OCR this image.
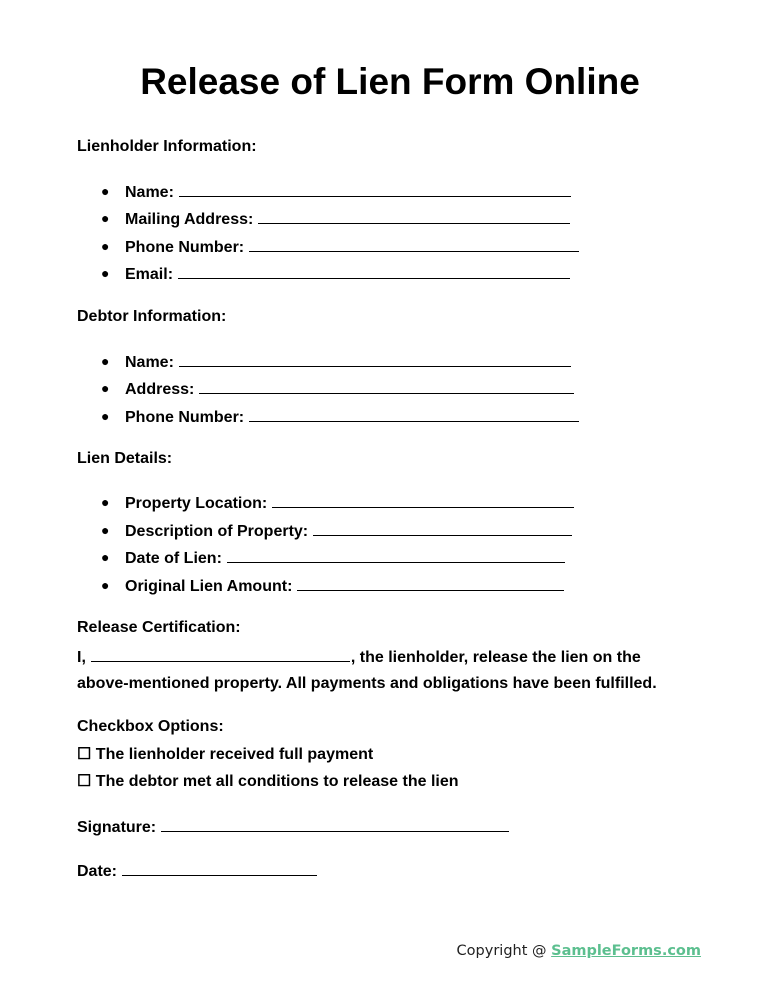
Release of Lien Form Online
Lienholder Information:
● Name:
● Mailing Address:
● Phone Number:
● Email:
Debtor Information:
● Name:
● Address:
● Phone Number:
Lien Details:
● Property Location:
● Description of Property:
● Date of Lien:
● Original Lien Amount:
Release Certification:
I,	, the lienholder, release the lien on the
above-mentioned property. All payments and obligations have been fulfilled.
Checkbox Options:
☐ The lienholder received full payment
☐ The debtor met all conditions to release the lien
Signature:
Date:
Copyright @ SampleForms.com
